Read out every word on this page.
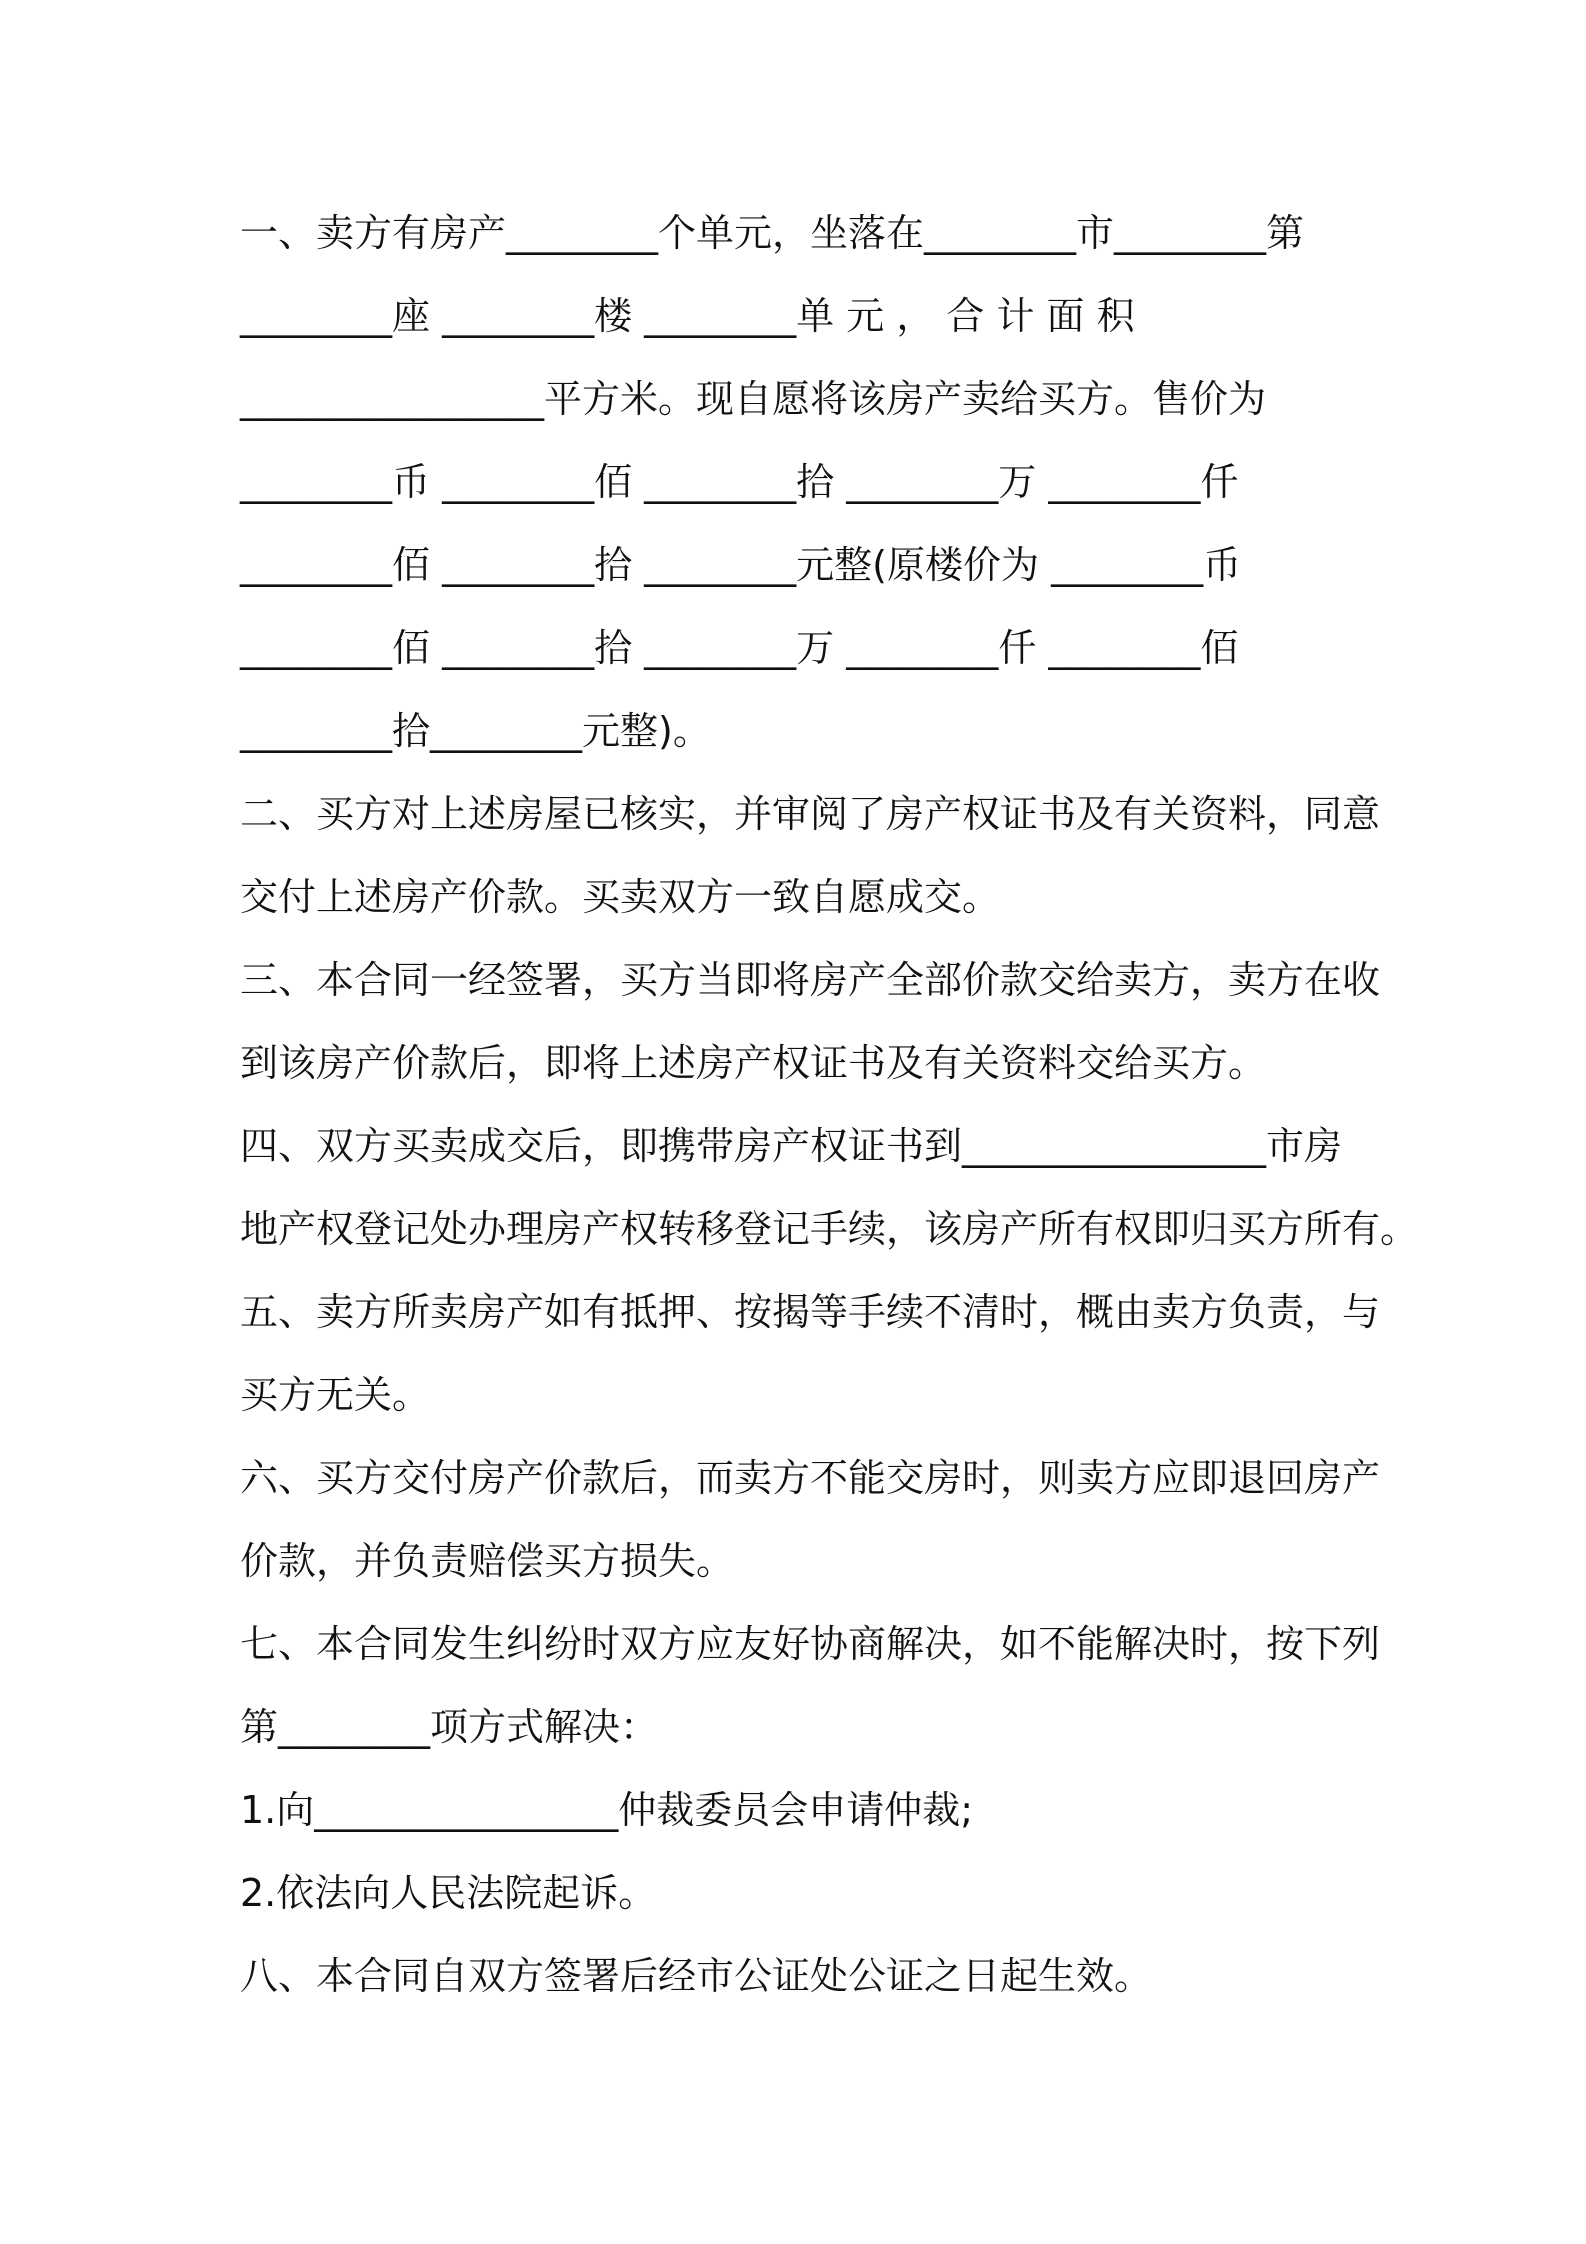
一、卖方有房产________个单元，坐落在________市________第
________座 ________楼 ________单 元 ， 合 计 面 积
________________平方米。现自愿将该房产卖给买方。售价为
________币 ________佰 ________拾 ________万 ________仟
________佰 ________拾 ________元整(原楼价为 ________币
________佰 ________拾 ________万 ________仟 ________佰
________拾________元整)。
二、买方对上述房屋已核实，并审阅了房产权证书及有关资料，同意
交付上述房产价款。买卖双方一致自愿成交。
三、本合同一经签署，买方当即将房产全部价款交给卖方，卖方在收
到该房产价款后，即将上述房产权证书及有关资料交给买方。
四、双方买卖成交后，即携带房产权证书到________________市房
地产权登记处办理房产权转移登记手续，该房产所有权即归买方所有。
五、卖方所卖房产如有抵押、按揭等手续不清时，概由卖方负责，与
买方无关。
六、买方交付房产价款后，而卖方不能交房时，则卖方应即退回房产
价款，并负责赔偿买方损失。
七、本合同发生纠纷时双方应友好协商解决，如不能解决时，按下列
第________项方式解决：
1.向________________仲裁委员会申请仲裁;
2.依法向人民法院起诉。
八、本合同自双方签署后经市公证处公证之日起生效。
